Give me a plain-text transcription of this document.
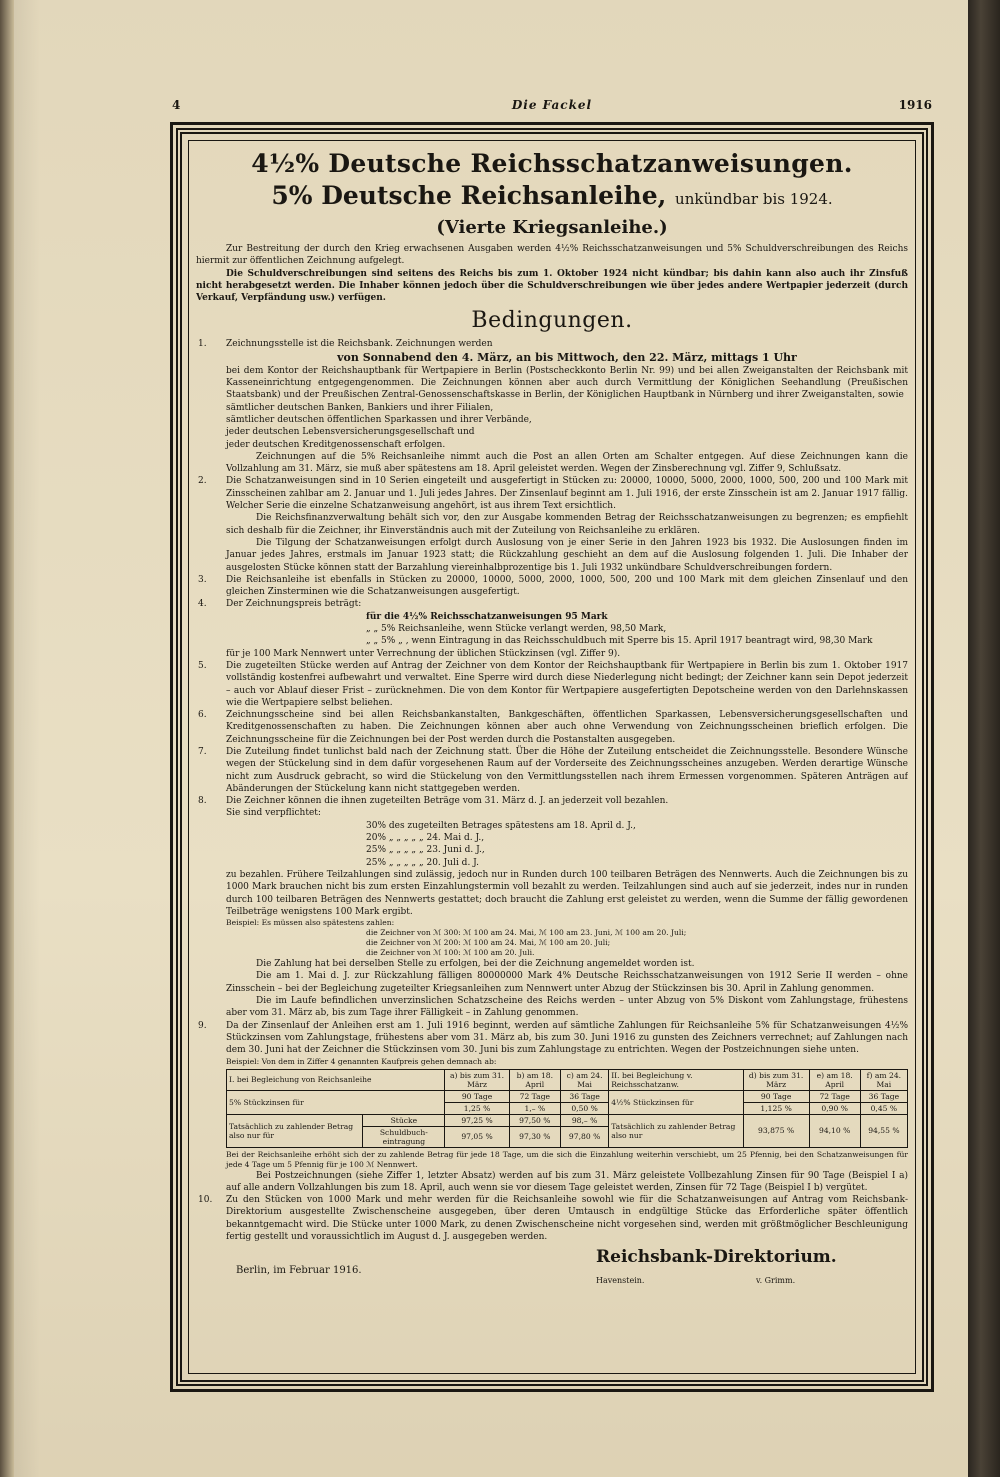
4	Die Fackel	1916
4½% Deutsche Reichsschatzanweisungen.
5% Deutsche Reichsanleihe, unkündbar bis 1924.
(Vierte Kriegsanleihe.)

Zur Bestreitung der durch den Krieg erwachsenen Ausgaben werden 4½% Reichsschatzanweisungen und 5% Schuldverschreibungen des Reichs hiermit zur öffentlichen Zeichnung aufgelegt.

Die Schuldverschreibungen sind seitens des Reichs bis zum 1. Oktober 1924 nicht kündbar; bis dahin kann also auch ihr Zinsfuß nicht herabgesetzt werden. Die Inhaber können jedoch über die Schuldverschreibungen wie über jedes andere Wertpapier jederzeit (durch Verkauf, Verpfändung usw.) verfügen.

Bedingungen.
1. Zeichnungsstelle ist die Reichsbank. Zeichnungen werden

von Sonnabend den 4. März, an bis Mittwoch, den 22. März, mittags 1 Uhr

bei dem Kontor der Reichshauptbank für Wertpapiere in Berlin (Postscheckkonto Berlin Nr. 99) und bei allen Zweiganstalten der Reichsbank mit Kasseneinrichtung entgegengenommen. Die Zeichnungen können aber auch durch Vermittlung der Königlichen Seehandlung (Preußischen Staatsbank) und der Preußischen Zentral-Genossenschaftskasse in Berlin, der Königlichen Hauptbank in Nürnberg und ihrer Zweiganstalten, sowie

sämtlicher deutschen Banken, Bankiers und ihrer Filialen,

sämtlicher deutschen öffentlichen Sparkassen und ihrer Verbände,

jeder deutschen Lebensversicherungsgesellschaft und

jeder deutschen Kreditgenossenschaft erfolgen.

Zeichnungen auf die 5% Reichsanleihe nimmt auch die Post an allen Orten am Schalter entgegen. Auf diese Zeichnungen kann die Vollzahlung am 31. März, sie muß aber spätestens am 18. April geleistet werden. Wegen der Zinsberechnung vgl. Ziffer 9, Schlußsatz.

2. Die Schatzanweisungen sind in 10 Serien eingeteilt und ausgefertigt in Stücken zu: 20000, 10000, 5000, 2000, 1000, 500, 200 und 100 Mark mit Zinsscheinen zahlbar am 2. Januar und 1. Juli jedes Jahres. Der Zinsenlauf beginnt am 1. Juli 1916, der erste Zinsschein ist am 2. Januar 1917 fällig. Welcher Serie die einzelne Schatzanweisung angehört, ist aus ihrem Text ersichtlich.

Die Reichsfinanzverwaltung behält sich vor, den zur Ausgabe kommenden Betrag der Reichsschatzanweisungen zu begrenzen; es empfiehlt sich deshalb für die Zeichner, ihr Einverständnis auch mit der Zuteilung von Reichsanleihe zu erklären.

Die Tilgung der Schatzanweisungen erfolgt durch Auslosung von je einer Serie in den Jahren 1923 bis 1932. Die Auslosungen finden im Januar jedes Jahres, erstmals im Januar 1923 statt; die Rückzahlung geschieht an dem auf die Auslosung folgenden 1. Juli. Die Inhaber der ausgelosten Stücke können statt der Barzahlung viereinhalbprozentige bis 1. Juli 1932 unkündbare Schuldverschreibungen fordern.

3. Die Reichsanleihe ist ebenfalls in Stücken zu 20000, 10000, 5000, 2000, 1000, 500, 200 und 100 Mark mit dem gleichen Zinsenlauf und den gleichen Zinsterminen wie die Schatzanweisungen ausgefertigt.

4. Der Zeichnungspreis beträgt:

für die 4½% Reichsschatzanweisungen 95 Mark

„ „ 5% Reichsanleihe, wenn Stücke verlangt werden, 98,50 Mark,

„ „ 5% „ , wenn Eintragung in das Reichsschuldbuch mit Sperre bis 15. April 1917 beantragt wird, 98,30 Mark

für je 100 Mark Nennwert unter Verrechnung der üblichen Stückzinsen (vgl. Ziffer 9).

5. Die zugeteilten Stücke werden auf Antrag der Zeichner von dem Kontor der Reichshauptbank für Wertpapiere in Berlin bis zum 1. Oktober 1917 vollständig kostenfrei aufbewahrt und verwaltet. Eine Sperre wird durch diese Niederlegung nicht bedingt; der Zeichner kann sein Depot jederzeit – auch vor Ablauf dieser Frist – zurücknehmen. Die von dem Kontor für Wertpapiere ausgefertigten Depotscheine werden von den Darlehnskassen wie die Wertpapiere selbst beliehen.

6. Zeichnungsscheine sind bei allen Reichsbankanstalten, Bankgeschäften, öffentlichen Sparkassen, Lebensversicherungsgesellschaften und Kreditgenossenschaften zu haben. Die Zeichnungen können aber auch ohne Verwendung von Zeichnungsscheinen brieflich erfolgen. Die Zeichnungsscheine für die Zeichnungen bei der Post werden durch die Postanstalten ausgegeben.

7. Die Zuteilung findet tunlichst bald nach der Zeichnung statt. Über die Höhe der Zuteilung entscheidet die Zeichnungsstelle. Besondere Wünsche wegen der Stückelung sind in dem dafür vorgesehenen Raum auf der Vorderseite des Zeichnungsscheines anzugeben. Werden derartige Wünsche nicht zum Ausdruck gebracht, so wird die Stückelung von den Vermittlungsstellen nach ihrem Ermessen vorgenommen. Späteren Anträgen auf Abänderungen der Stückelung kann nicht stattgegeben werden.

8. Die Zeichner können die ihnen zugeteilten Beträge vom 31. März d. J. an jederzeit voll bezahlen.

Sie sind verpflichtet:

30% des zugeteilten Betrages spätestens am 18. April d. J.,

20% „ „ „ „ „ 24. Mai d. J.,

25% „ „ „ „ „ 23. Juni d. J.,

25% „ „ „ „ „ 20. Juli d. J.

zu bezahlen. Frühere Teilzahlungen sind zulässig, jedoch nur in Runden durch 100 teilbaren Beträgen des Nennwerts. Auch die Zeichnungen bis zu 1000 Mark brauchen nicht bis zum ersten Einzahlungstermin voll bezahlt zu werden. Teilzahlungen sind auch auf sie jederzeit, indes nur in runden durch 100 teilbaren Beträgen des Nennwerts gestattet; doch braucht die Zahlung erst geleistet zu werden, wenn die Summe der fällig gewordenen Teilbeträge wenigstens 100 Mark ergibt.

Beispiel: Es müssen also spätestens zahlen:

die Zeichner von ℳ 300: ℳ 100 am 24. Mai, ℳ 100 am 23. Juni, ℳ 100 am 20. Juli;

die Zeichner von ℳ 200: ℳ 100 am 24. Mai, ℳ 100 am 20. Juli;

die Zeichner von ℳ 100: ℳ 100 am 20. Juli.

Die Zahlung hat bei derselben Stelle zu erfolgen, bei der die Zeichnung angemeldet worden ist.

Die am 1. Mai d. J. zur Rückzahlung fälligen 80000000 Mark 4% Deutsche Reichsschatzanweisungen von 1912 Serie II werden – ohne Zinsschein – bei der Begleichung zugeteilter Kriegsanleihen zum Nennwert unter Abzug der Stückzinsen bis 30. April in Zahlung genommen.

Die im Laufe befindlichen unverzinslichen Schatzscheine des Reichs werden – unter Abzug von 5% Diskont vom Zahlungstage, frühestens aber vom 31. März ab, bis zum Tage ihrer Fälligkeit – in Zahlung genommen.

9. Da der Zinsenlauf der Anleihen erst am 1. Juli 1916 beginnt, werden auf sämtliche Zahlungen für Reichsanleihe 5% für Schatzanweisungen 4½% Stückzinsen vom Zahlungstage, frühestens aber vom 31. März ab, bis zum 30. Juni 1916 zu gunsten des Zeichners verrechnet; auf Zahlungen nach dem 30. Juni hat der Zeichner die Stückzinsen vom 30. Juni bis zum Zahlungstage zu entrichten. Wegen der Postzeichnungen siehe unten.

Beispiel: Von dem in Ziffer 4 genannten Kaufpreis gehen demnach ab:

I. bei Begleichung von Reichsanleihe		a) bis zum 31. März	b) am 18. April	c) am 24. Mai	II. bei Begleichung v. Reichsschatzanw.	d) bis zum 31. März	e) am 18. April	f) am 24. Mai
5% Stückzinsen für		90 Tage	72 Tage	36 Tage	4½% Stückzinsen für	90 Tage	72 Tage	36 Tage
		1,25 %	1,– %	0,50 %		1,125 %	0,90 %	0,45 %
Tatsächlich zu zahlender Betrag also nur für	Stücke	97,25 %	97,50 %	98,– %	Tatsächlich zu zahlender Betrag also nur	93,875 %	94,10 %	94,55 %
	Schuldbuch-eintragung	97,05 %	97,30 %	97,80 %				

Bei der Reichsanleihe erhöht sich der zu zahlende Betrag für jede 18 Tage, um die sich die Einzahlung weiterhin verschiebt, um 25 Pfennig, bei den Schatzanweisungen für jede 4 Tage um 5 Pfennig für je 100 ℳ Nennwert.

Bei Postzeichnungen (siehe Ziffer 1, letzter Absatz) werden auf bis zum 31. März geleistete Vollbezahlung Zinsen für 90 Tage (Beispiel I a) auf alle andern Vollzahlungen bis zum 18. April, auch wenn sie vor diesem Tage geleistet werden, Zinsen für 72 Tage (Beispiel I b) vergütet.

10. Zu den Stücken von 1000 Mark und mehr werden für die Reichsanleihe sowohl wie für die Schatzanweisungen auf Antrag vom Reichsbank-Direktorium ausgestellte Zwischenscheine ausgegeben, über deren Umtausch in endgültige Stücke das Erforderliche später öffentlich bekanntgemacht wird. Die Stücke unter 1000 Mark, zu denen Zwischenscheine nicht vorgesehen sind, werden mit größtmöglicher Beschleunigung fertig gestellt und voraussichtlich im August d. J. ausgegeben werden.

Berlin, im Februar 1916.
Reichsbank-Direktorium.
Havenstein.	v. Grimm.
